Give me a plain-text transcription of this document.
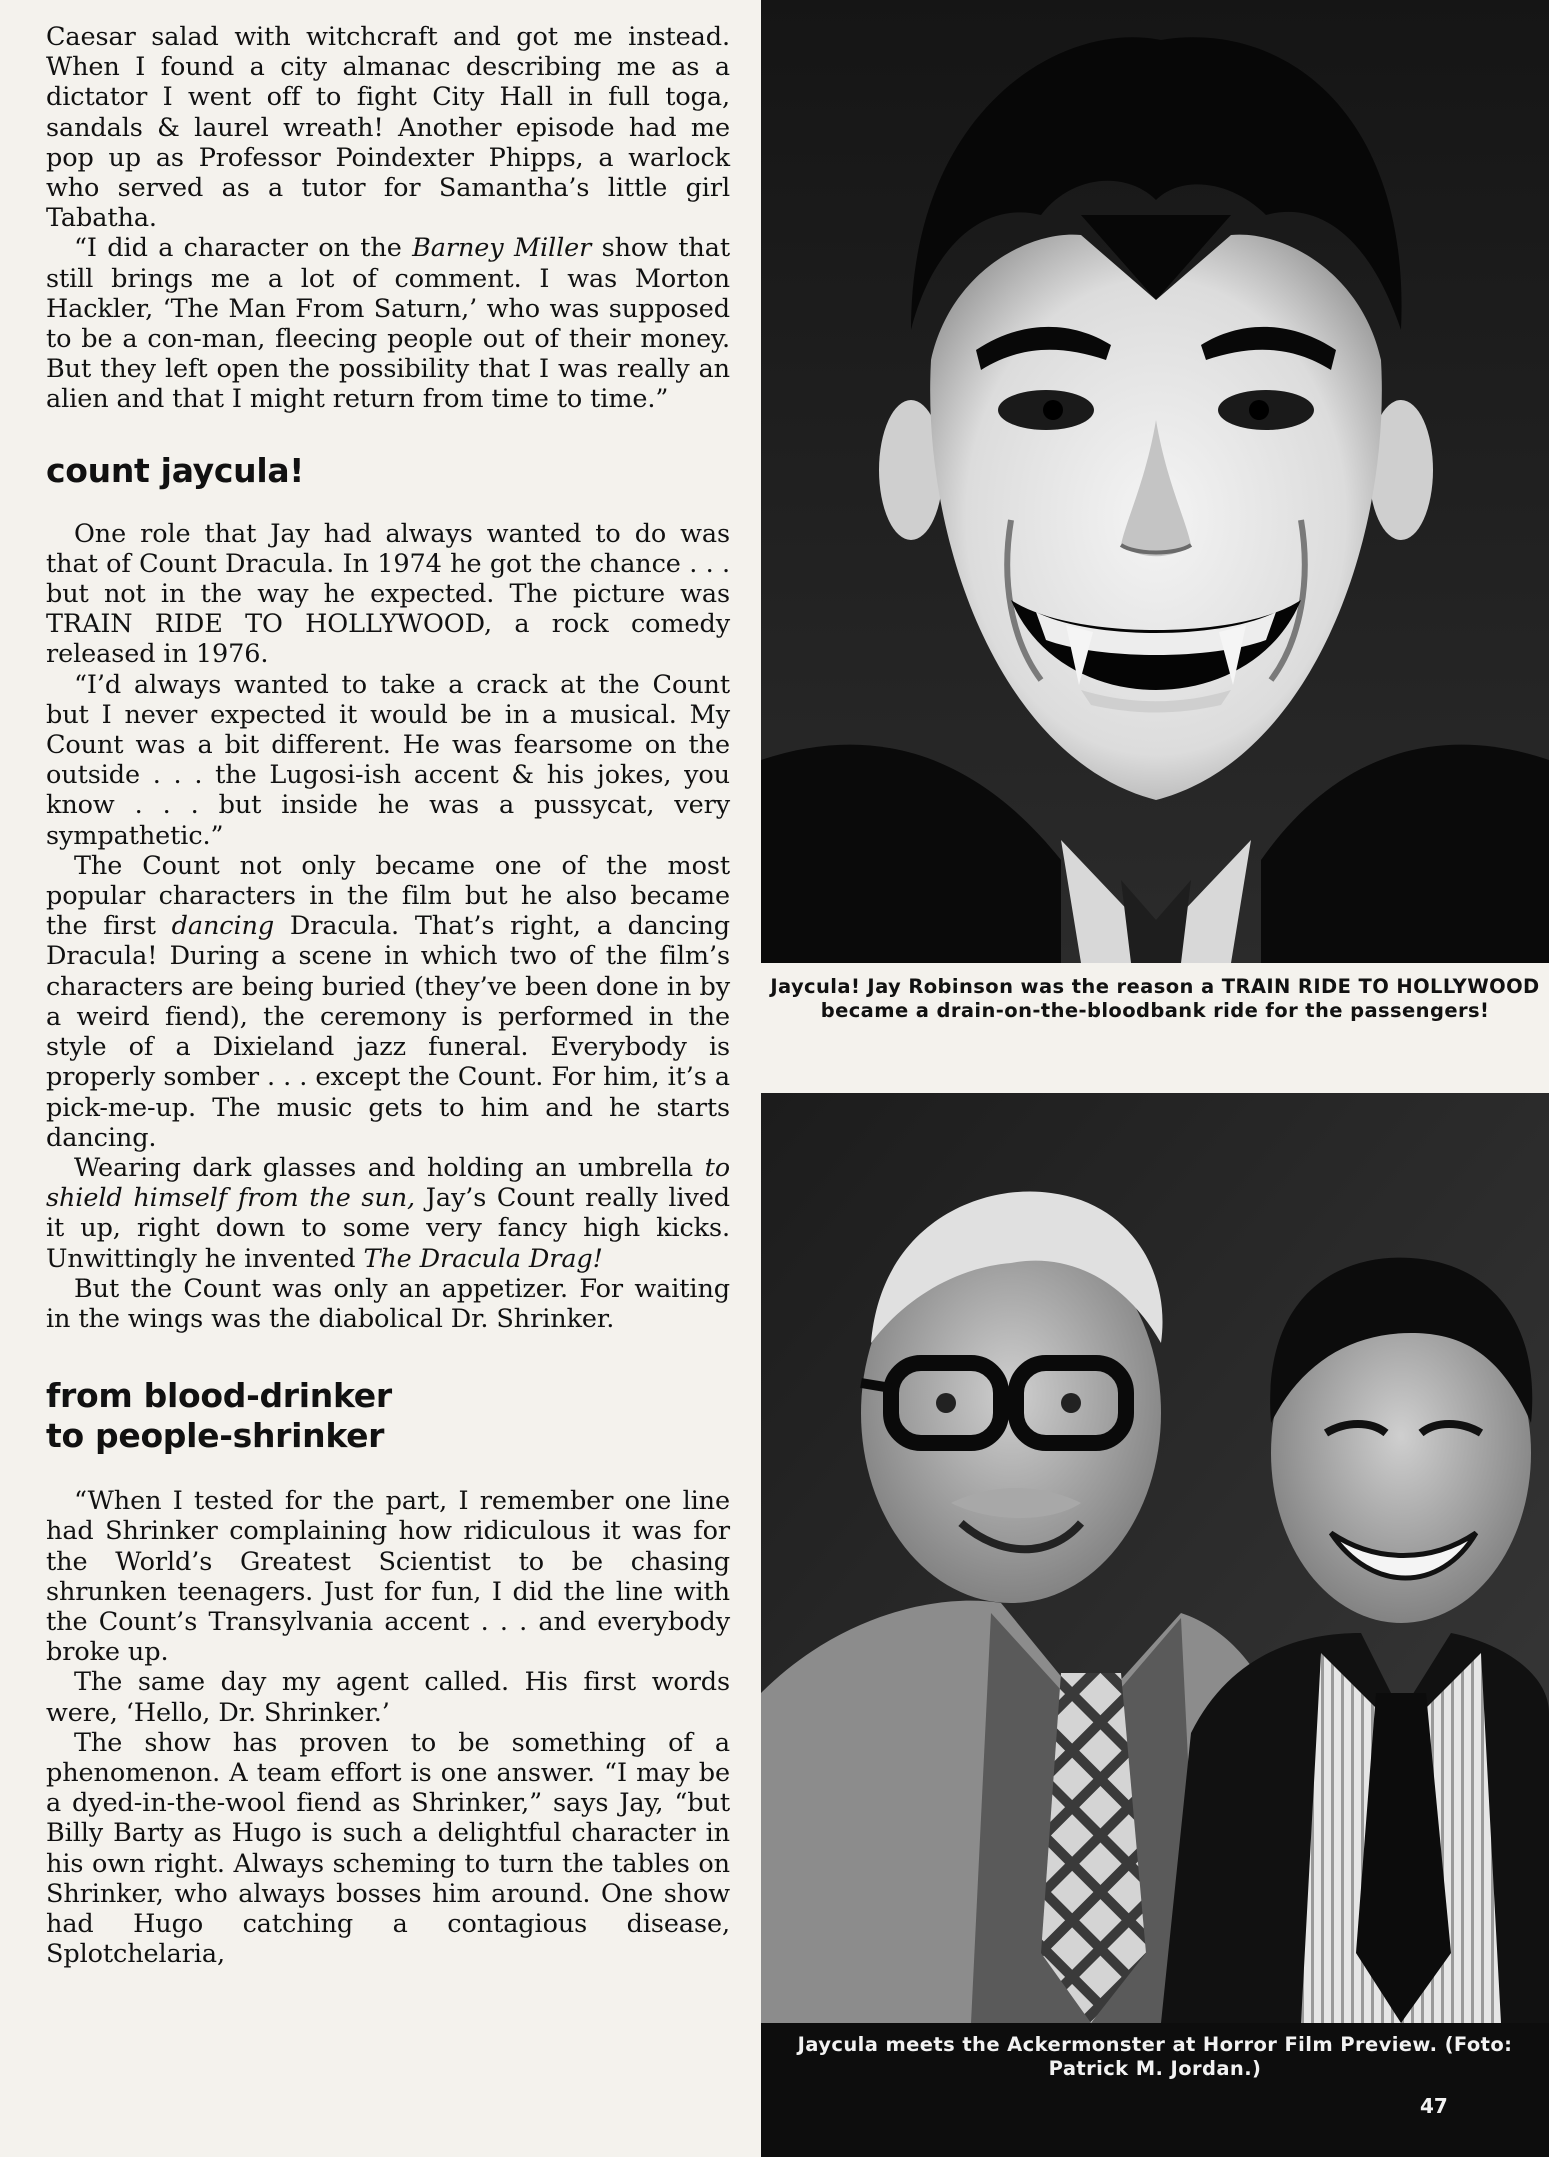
Caesar salad with witchcraft and got me instead. When I found a city almanac describing me as a dictator I went off to fight City Hall in full toga, sandals & laurel wreath! Another episode had me pop up as Professor Poindexter Phipps, a warlock who served as a tutor for Samantha’s little girl Tabatha.

“I did a character on the Barney Miller show that still brings me a lot of comment. I was Morton Hackler, ‘The Man From Saturn,’ who was supposed to be a con-man, fleecing people out of their money. But they left open the possibility that I was really an alien and that I might return from time to time.”

count jaycula!

One role that Jay had always wanted to do was that of Count Dracula. In 1974 he got the chance . . . but not in the way he expected. The picture was TRAIN RIDE TO HOLLYWOOD, a rock comedy released in 1976.

“I’d always wanted to take a crack at the Count but I never expected it would be in a musical. My Count was a bit different. He was fearsome on the outside . . . the Lugosi-ish accent & his jokes, you know . . . but inside he was a pussycat, very sympathetic.”

The Count not only became one of the most popular characters in the film but he also became the first dancing Dracula. That’s right, a dancing Dracula! During a scene in which two of the film’s characters are being buried (they’ve been done in by a weird fiend), the ceremony is performed in the style of a Dixieland jazz funeral. Everybody is properly somber . . . except the Count. For him, it’s a pick-me-up. The music gets to him and he starts dancing.

Wearing dark glasses and holding an umbrella to shield himself from the sun, Jay’s Count really lived it up, right down to some very fancy high kicks. Unwittingly he invented The Dracula Drag!

But the Count was only an appetizer. For waiting in the wings was the diabolical Dr. Shrinker.

from blood-drinker
to people-shrinker

“When I tested for the part, I remember one line had Shrinker complaining how ridiculous it was for the World’s Greatest Scientist to be chasing shrunken teenagers. Just for fun, I did the line with the Count’s Transylvania accent . . . and everybody broke up.

The same day my agent called. His first words were, ‘Hello, Dr. Shrinker.’

The show has proven to be something of a phenomenon. A team effort is one answer. “I may be a dyed-in-the-wool fiend as Shrinker,” says Jay, “but Billy Barty as Hugo is such a delightful character in his own right. Always scheming to turn the tables on Shrinker, who always bosses him around. One show had Hugo catching a contagious disease, Splotchelaria,

Jaycula! Jay Robinson was the reason a TRAIN RIDE TO HOLLYWOOD became a drain-on-the-bloodbank ride for the passengers!
Jaycula meets the Ackermonster at Horror Film Preview. (Foto: Patrick M. Jordan.)
47
